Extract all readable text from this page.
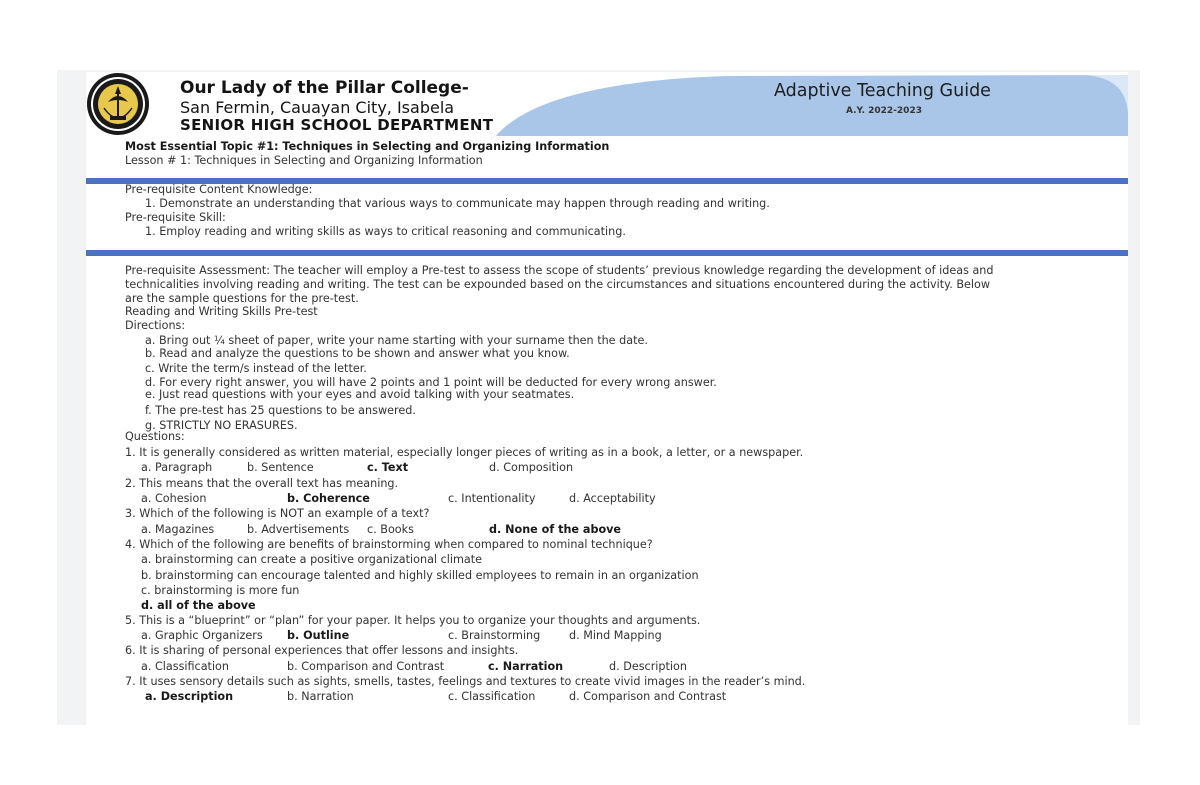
Our Lady of the Pillar College-
San Fermin, Cauayan City, Isabela
SENIOR HIGH SCHOOL DEPARTMENT
Adaptive Teaching Guide
A.Y. 2022-2023
Most Essential Topic #1: Techniques in Selecting and Organizing Information
Lesson # 1: Techniques in Selecting and Organizing Information
Pre-requisite Content Knowledge:
1. Demonstrate an understanding that various ways to communicate may happen through reading and writing.
Pre-requisite Skill:
1. Employ reading and writing skills as ways to critical reasoning and communicating.
Pre-requisite Assessment: The teacher will employ a Pre-test to assess the scope of students’ previous knowledge regarding the development of ideas and
technicalities involving reading and writing. The test can be expounded based on the circumstances and situations encountered during the activity. Below
are the sample questions for the pre-test.
Reading and Writing Skills Pre-test
Directions:
a. Bring out ¼ sheet of paper, write your name starting with your surname then the date.
b. Read and analyze the questions to be shown and answer what you know.
c. Write the term/s instead of the letter.
d. For every right answer, you will have 2 points and 1 point will be deducted for every wrong answer.
e. Just read questions with your eyes and avoid talking with your seatmates.
f. The pre-test has 25 questions to be answered.
g. STRICTLY NO ERASURES.
Questions:
1. It is generally considered as written material, especially longer pieces of writing as in a book, a letter, or a newspaper.
a. Paragraph	b. Sentence	c. Text	d. Composition
2. This means that the overall text has meaning.
a. Cohesion	b. Coherence	c. Intentionality	d. Acceptability
3. Which of the following is NOT an example of a text?
a. Magazines	b. Advertisements c. Books	d. None of the above
4. Which of the following are benefits of brainstorming when compared to nominal technique?
a. brainstorming can create a positive organizational climate
b. brainstorming can encourage talented and highly skilled employees to remain in an organization
c. brainstorming is more fun
d. all of the above
5. This is a “blueprint” or “plan” for your paper. It helps you to organize your thoughts and arguments.
a. Graphic Organizers b. Outline	c. Brainstorming	d. Mind Mapping
6. It is sharing of personal experiences that offer lessons and insights.
a. Classification	b. Comparison and Contrast	c. Narration	d. Description
7. It uses sensory details such as sights, smells, tastes, feelings and textures to create vivid images in the reader’s mind.
a. Description	b. Narration	c. Classification	d. Comparison and Contrast
